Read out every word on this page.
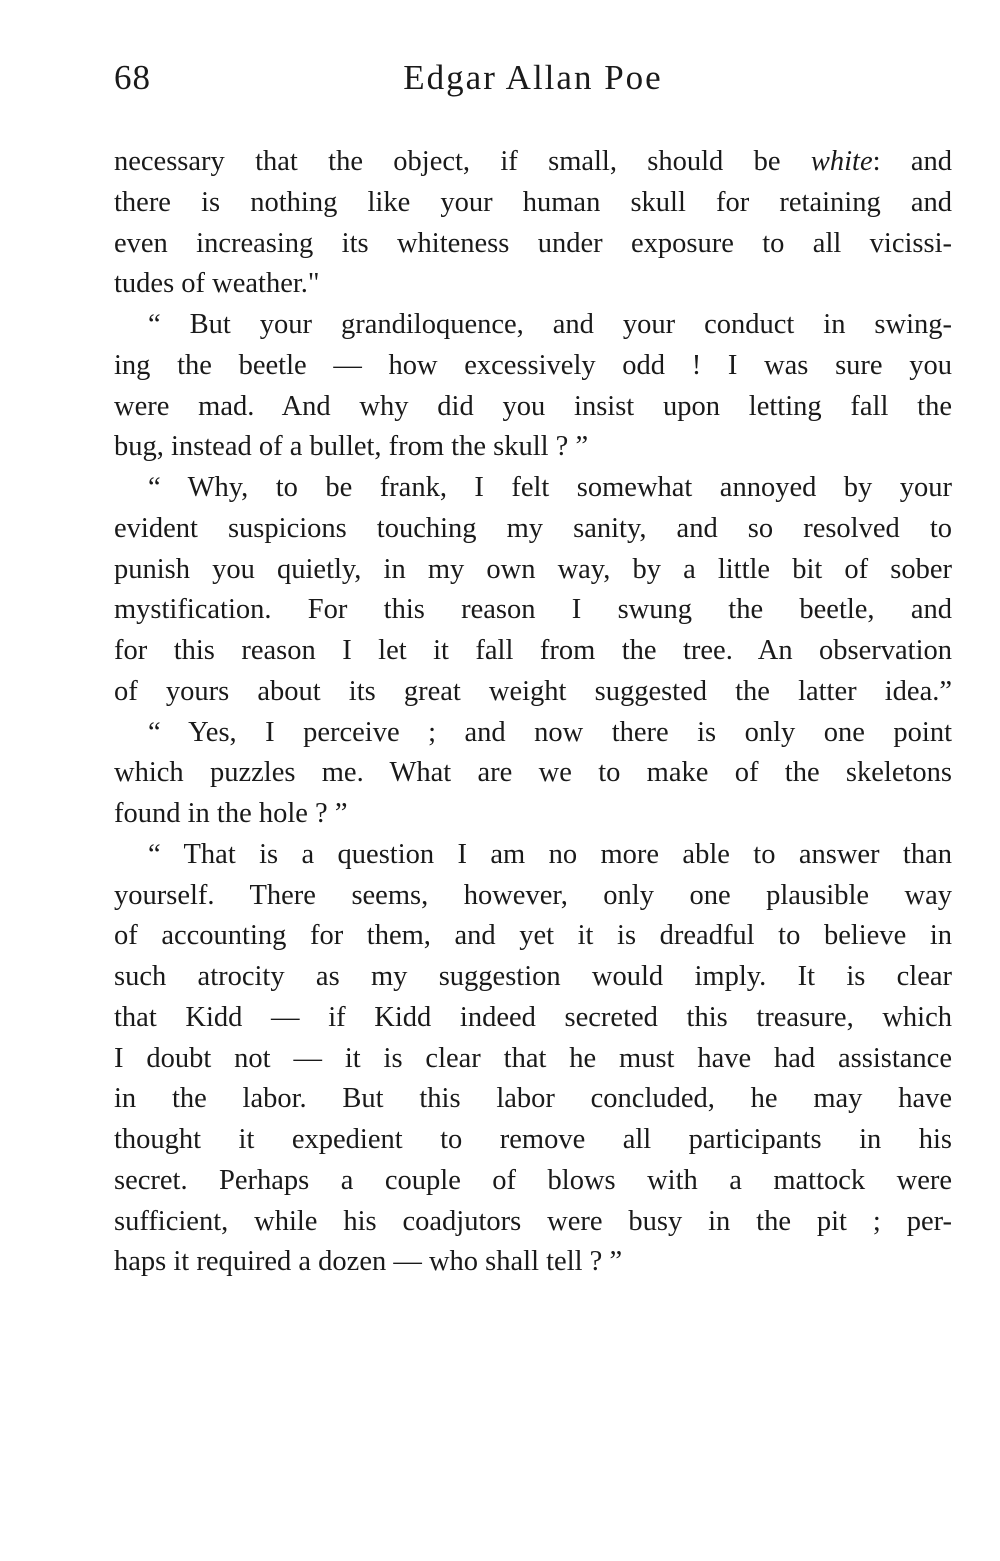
68	Edgar Allan Poe
necessary that the object, if small, should be white: and
there is nothing like your human skull for retaining and
even increasing its whiteness under exposure to all vicissi-
tudes of weather."
“ But your grandiloquence, and your conduct in swing-
ing the beetle — how excessively odd ! I was sure you
were mad. And why did you insist upon letting fall the
bug, instead of a bullet, from the skull ? ”
“ Why, to be frank, I felt somewhat annoyed by your
evident suspicions touching my sanity, and so resolved to
punish you quietly, in my own way, by a little bit of sober
mystification. For this reason I swung the beetle, and
for this reason I let it fall from the tree. An observation
of yours about its great weight suggested the latter idea.”
“ Yes, I perceive ; and now there is only one point
which puzzles me. What are we to make of the skeletons
found in the hole ? ”
“ That is a question I am no more able to answer than
yourself. There seems, however, only one plausible way
of accounting for them, and yet it is dreadful to believe in
such atrocity as my suggestion would imply. It is clear
that Kidd — if Kidd indeed secreted this treasure, which
I doubt not — it is clear that he must have had assistance
in the labor. But this labor concluded, he may have
thought it expedient to remove all participants in his
secret. Perhaps a couple of blows with a mattock were
sufficient, while his coadjutors were busy in the pit ; per-
haps it required a dozen — who shall tell ? ”
